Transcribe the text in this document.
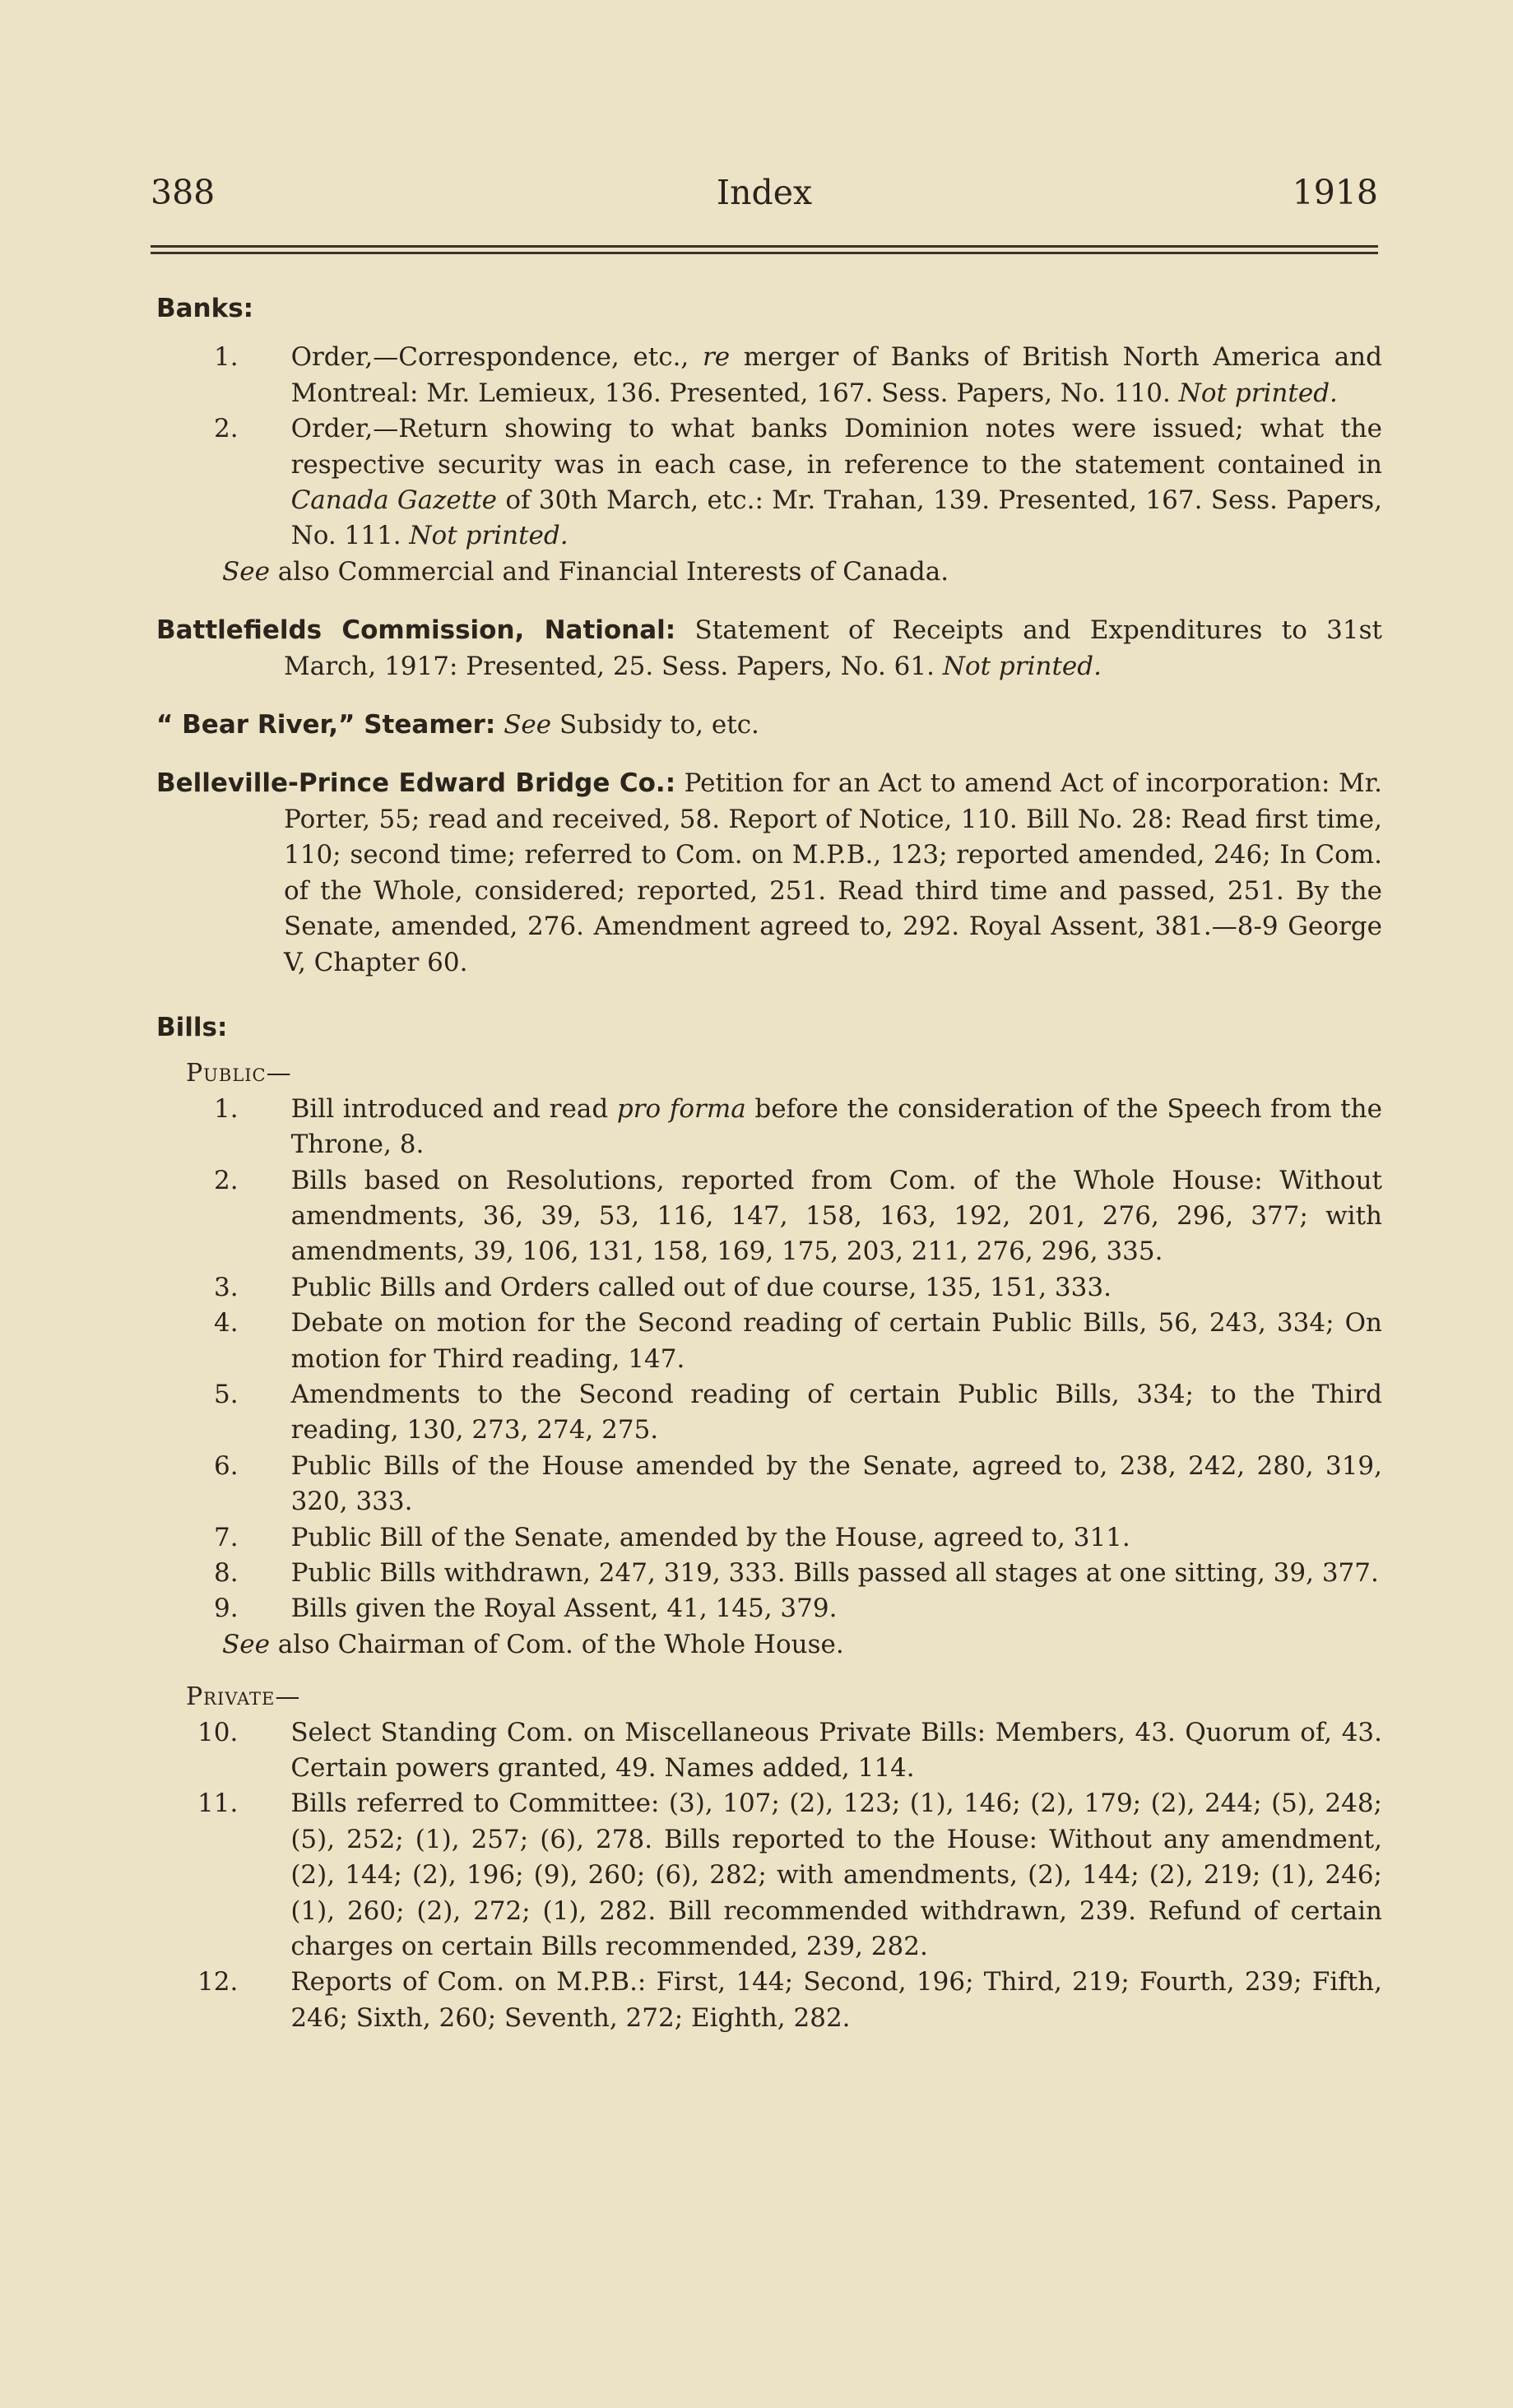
388	Index	1918
Banks:
1.	Order,—Correspondence, etc., re merger of Banks of British North America and Montreal: Mr. Lemieux, 136. Presented, 167. Sess. Papers, No. 110. Not printed.
2.	Order,—Return showing to what banks Dominion notes were issued; what the respective security was in each case, in reference to the statement contained in Canada Gazette of 30th March, etc.: Mr. Trahan, 139. Presented, 167. Sess. Papers, No. 111. Not printed.
See also Commercial and Financial Interests of Canada.
Battlefields Commission, National: Statement of Receipts and Expenditures to 31st March, 1917: Presented, 25. Sess. Papers, No. 61. Not printed.
“ Bear River,” Steamer: See Subsidy to, etc.
Belleville-Prince Edward Bridge Co.: Petition for an Act to amend Act of incorporation: Mr. Porter, 55; read and received, 58. Report of Notice, 110. Bill No. 28: Read first time, 110; second time; referred to Com. on M.P.B., 123; reported amended, 246; In Com. of the Whole, considered; reported, 251. Read third time and passed, 251. By the Senate, amended, 276. Amendment agreed to, 292. Royal Assent, 381.—8-9 George V, Chapter 60.
Bills:
Public—
1.	Bill introduced and read pro forma before the consideration of the Speech from the Throne, 8.
2.	Bills based on Resolutions, reported from Com. of the Whole House: Without amendments, 36, 39, 53, 116, 147, 158, 163, 192, 201, 276, 296, 377; with amendments, 39, 106, 131, 158, 169, 175, 203, 211, 276, 296, 335.
3.	Public Bills and Orders called out of due course, 135, 151, 333.
4.	Debate on motion for the Second reading of certain Public Bills, 56, 243, 334; On motion for Third reading, 147.
5.	Amendments to the Second reading of certain Public Bills, 334; to the Third reading, 130, 273, 274, 275.
6.	Public Bills of the House amended by the Senate, agreed to, 238, 242, 280, 319, 320, 333.
7.	Public Bill of the Senate, amended by the House, agreed to, 311.
8.	Public Bills withdrawn, 247, 319, 333. Bills passed all stages at one sitting, 39, 377.
9.	Bills given the Royal Assent, 41, 145, 379.
See also Chairman of Com. of the Whole House.
Private—
10.	Select Standing Com. on Miscellaneous Private Bills: Members, 43. Quorum of, 43. Certain powers granted, 49. Names added, 114.
11.	Bills referred to Committee: (3), 107; (2), 123; (1), 146; (2), 179; (2), 244; (5), 248; (5), 252; (1), 257; (6), 278. Bills reported to the House: Without any amendment, (2), 144; (2), 196; (9), 260; (6), 282; with amendments, (2), 144; (2), 219; (1), 246; (1), 260; (2), 272; (1), 282. Bill recommended withdrawn, 239. Refund of certain charges on certain Bills recommended, 239, 282.
12.	Reports of Com. on M.P.B.: First, 144; Second, 196; Third, 219; Fourth, 239; Fifth, 246; Sixth, 260; Seventh, 272; Eighth, 282.
